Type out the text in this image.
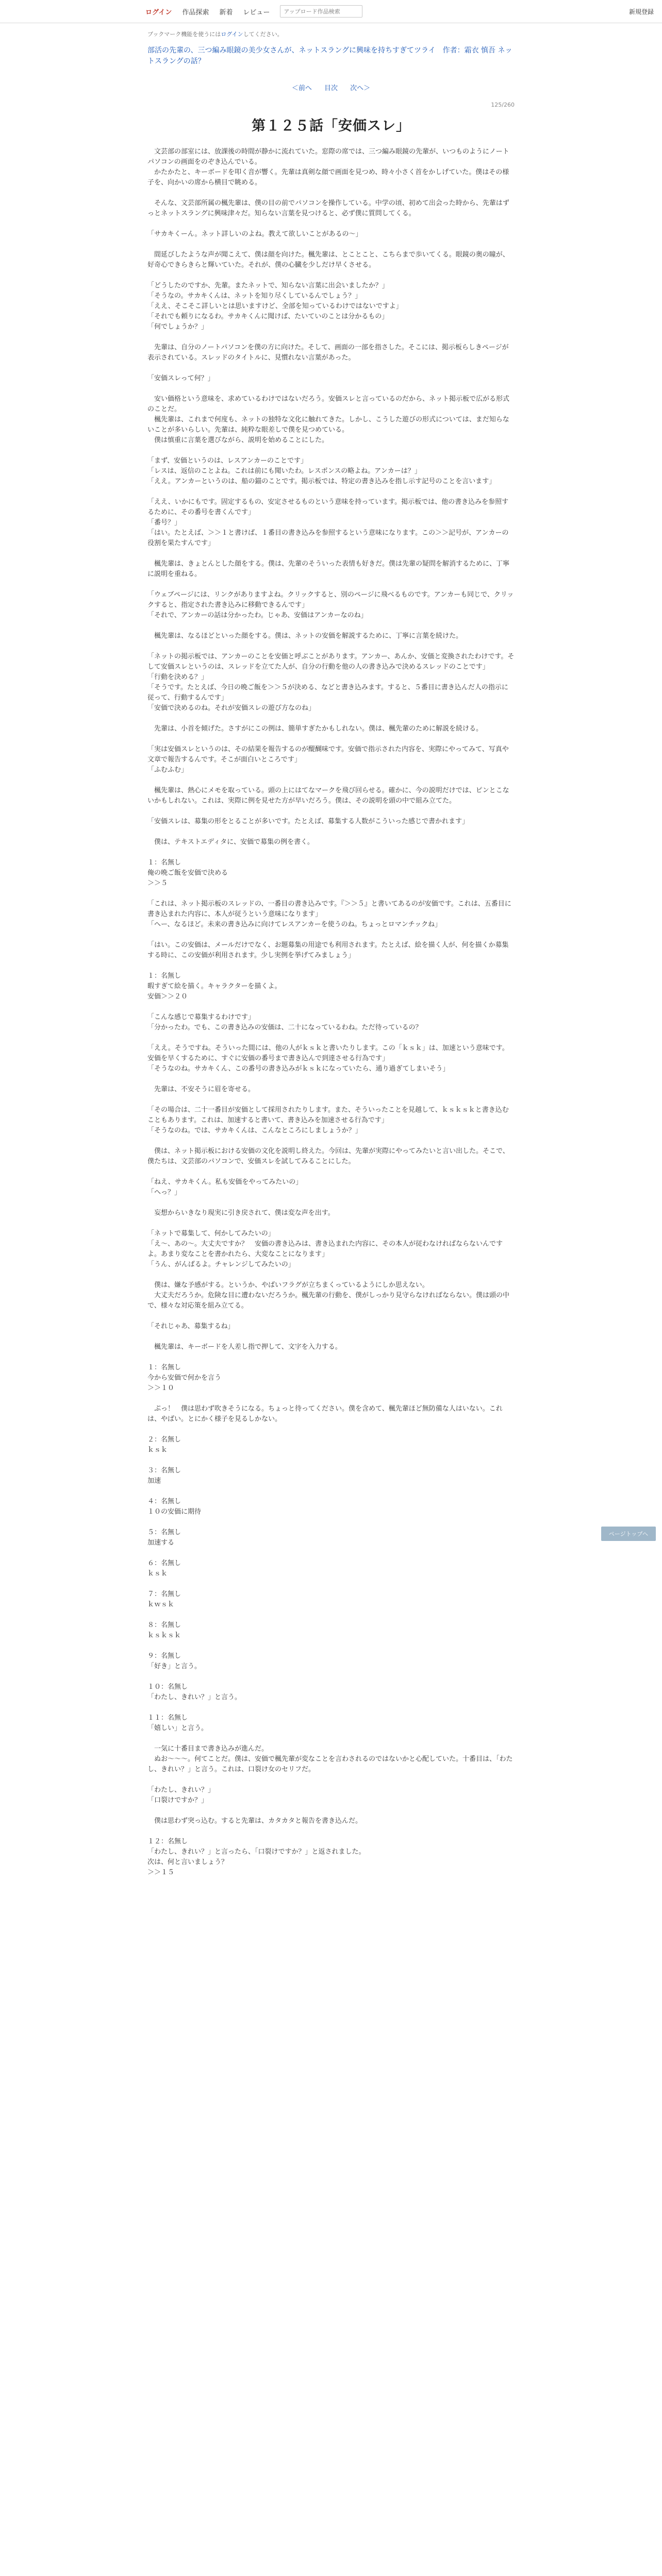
ログイン 作品探索 新着 レビュー
アップロード作品検索	新規登録
ブックマーク機能を使うにはログインしてください。
部活の先輩の、三つ編み眼鏡の美少女さんが、ネットスラングに興味を持ちすぎてツライ　作者：霜衣 慎吾 ネットスラングの話？
＜前へ 目次 次へ＞
125/260
第１２５話「安価スレ」

　文芸部の部室には、放課後の時間が静かに流れていた。窓際の席では、三つ編み眼鏡の先輩が、いつものようにノートパソコンの画面をのぞき込んでいる。

　かたかたと、キーボードを叩く音が響く。先輩は真剣な顔で画面を見つめ、時々小さく首をかしげていた。僕はその様子を、向かいの席から横目で眺める。

　そんな、文芸部所属の楓先輩は、僕の目の前でパソコンを操作している。中学の頃、初めて出会った時から、先輩はずっとネットスラングに興味津々だ。知らない言葉を見つけると、必ず僕に質問してくる。

「サカキくーん。ネット詳しいのよね。教えて欲しいことがあるの～」

　間延びしたような声が聞こえて、僕は顔を向けた。楓先輩は、とことこと、こちらまで歩いてくる。眼鏡の奥の瞳が、好奇心できらきらと輝いていた。それが、僕の心臓を少しだけ早くさせる。

「どうしたのですか、先輩。またネットで、知らない言葉に出会いましたか？」

「そうなの。サカキくんは、ネットを知り尽くしているんでしょう？」

「ええ、そこそこ詳しいとは思いますけど、全部を知っているわけではないですよ」

「それでも頼りになるわ。サカキくんに聞けば、たいていのことは分かるもの」

「何でしょうか？」

　先輩は、自分のノートパソコンを僕の方に向けた。そして、画面の一部を指さした。そこには、掲示板らしきページが表示されている。スレッドのタイトルに、見慣れない言葉があった。

「安価スレって何？」

　安い価格という意味を、求めているわけではないだろう。安価スレと言っているのだから、ネット掲示板で広がる形式のことだ。

　楓先輩は、これまで何度も、ネットの独特な文化に触れてきた。しかし、こうした遊びの形式については、まだ知らないことが多いらしい。先輩は、純粋な眼差しで僕を見つめている。

　僕は慎重に言葉を選びながら、説明を始めることにした。

「まず、安価というのは、レスアンカーのことです」

「レスは、返信のことよね。これは前にも聞いたわ。レスポンスの略よね。アンカーは？」

「ええ。アンカーというのは、船の錨のことです。掲示板では、特定の書き込みを指し示す記号のことを言います」

「ええ、いかにもです。固定するもの、安定させるものという意味を持っています。掲示板では、他の書き込みを参照するために、その番号を書くんです」

「番号？」

「はい。たとえば、＞＞１と書けば、１番目の書き込みを参照するという意味になります。この＞＞記号が、アンカーの役割を果たすんです」

　楓先輩は、きょとんとした顔をする。僕は、先輩のそういった表情も好きだ。僕は先輩の疑問を解消するために、丁寧に説明を重ねる。

「ウェブページには、リンクがありますよね。クリックすると、別のページに飛べるものです。アンカーも同じで、クリックすると、指定された書き込みに移動できるんです」

「それで、アンカーの話は分かったわ。じゃあ、安価はアンカーなのね」

　楓先輩は、なるほどといった顔をする。僕は、ネットの安価を解説するために、丁寧に言葉を続けた。

「ネットの掲示板では、アンカーのことを安価と呼ぶことがあります。アンカー、あんか、安価と変換されたわけです。そして安価スレというのは、スレッドを立てた人が、自分の行動を他の人の書き込みで決めるスレッドのことです」

「行動を決める？」

「そうです。たとえば、今日の晩ご飯を＞＞５が決める、などと書き込みます。すると、５番目に書き込んだ人の指示に従って、行動するんです」

「安価で決めるのね。それが安価スレの遊び方なのね」

　先輩は、小首を傾げた。さすがにこの例は、簡単すぎたかもしれない。僕は、楓先輩のために解説を続ける。

「実は安価スレというのは、その結果を報告するのが醍醐味です。安価で指示された内容を、実際にやってみて、写真や文章で報告するんです。そこが面白いところです」

「ふむふむ」

　楓先輩は、熱心にメモを取っている。頭の上にはてなマークを飛び回らせる。確かに、今の説明だけでは、ピンとこないかもしれない。これは、実際に例を見せた方が早いだろう。僕は、その説明を頭の中で組み立てた。

「安価スレは、募集の形をとることが多いです。たとえば、募集する人数がこういった感じで書かれます」

　僕は、テキストエディタに、安価で募集の例を書く。

１：名無し

俺の晩ご飯を安価で決める

＞＞５

「これは、ネット掲示板のスレッドの、一番目の書き込みです。『＞＞５』と書いてあるのが安価です。これは、五番目に書き込まれた内容に、本人が従うという意味になります」

「へー、なるほど。未来の書き込みに向けてレスアンカーを使うのね。ちょっとロマンチックね」

「はい。この安価は、メールだけでなく、お題募集の用途でも利用されます。たとえば、絵を描く人が、何を描くか募集する時に、この安価が利用されます。少し実例を挙げてみましょう」

１：名無し

暇すぎて絵を描く。キャラクターを描くよ。

安価＞＞２０

「こんな感じで募集するわけです」

「分かったわ。でも、この書き込みの安価は、二十になっているわね。ただ待っているの？

「ええ。そうですね。そういった間には、他の人がｋｓｋと書いたりします。この「ｋｓｋ」は、加速という意味です。安価を早くするために、すぐに安価の番号まで書き込んで到達させる行為です」

「そうなのね。サカキくん、この番号の書き込みがｋｓｋになっていたら、通り過ぎてしまいそう」

　先輩は、不安そうに眉を寄せる。

「その場合は、二十一番目が安価として採用されたりします。また、そういったことを見越して、ｋｓｋｓｋと書き込むこともあります。これは、加速すると書いて、書き込みを加速させる行為です」

「そうなのね。では、サカキくんは、こんなところにしましょうか？」

　僕は、ネット掲示板における安価の文化を説明し終えた。今回は、先輩が実際にやってみたいと言い出した。そこで、僕たちは、文芸部のパソコンで、安価スレを試してみることにした。

「ねえ、サカキくん。私も安価をやってみたいの」

「へっ？」

　妄想からいきなり現実に引き戻されて、僕は変な声を出す。

「ネットで募集して、何かしてみたいの」

「え～、あの～。大丈夫ですか？　安価の書き込みは、書き込まれた内容に、その本人が従わなければならないんですよ。あまり変なことを書かれたら、大変なことになります」

「うん、がんばるよ。チャレンジしてみたいの」

　僕は、嫌な予感がする。というか、やばいフラグが立ちまくっているようにしか思えない。

　大丈夫だろうか。危険な目に遭わないだろうか。楓先輩の行動を、僕がしっかり見守らなければならない。僕は頭の中で、様々な対応策を組み立てる。

「それじゃあ、募集するね」

　楓先輩は、キーボードを人差し指で押して、文字を入力する。

１：名無し

今から安価で何かを言う

＞＞１０

　ぷっ！　僕は思わず吹きそうになる。ちょっと待ってください。僕を含めて、楓先輩ほど無防備な人はいない。これは、やばい。とにかく様子を見るしかない。

２：名無し

ｋｓｋ

３：名無し

加速

４：名無し

１０の安価に期待

５：名無し

加速する

６：名無し

ｋｓｋ

７：名無し

ｋｗｓｋ

８：名無し

ｋｓｋｓｋ

９：名無し

「好き」と言う。

１０：名無し

「わたし、きれい？」と言う。

１１：名無し

「嬉しい」と言う。

　一気に十番目まで書き込みが進んだ。

　ぬお～～～。何てことだ。僕は、安価で楓先輩が変なことを言わされるのではないかと心配していた。十番目は、「わたし、きれい？」と言う。これは、口裂け女のセリフだ。

「わたし、きれい？」

「口裂けですか？」

　僕は思わず突っ込む。すると先輩は、カタカタと報告を書き込んだ。

１２：名無し

「わたし、きれい？」と言ったら、「口裂けですか？」と返されました。

次は、何と言いましょう？

＞＞１５

ページトップへ
